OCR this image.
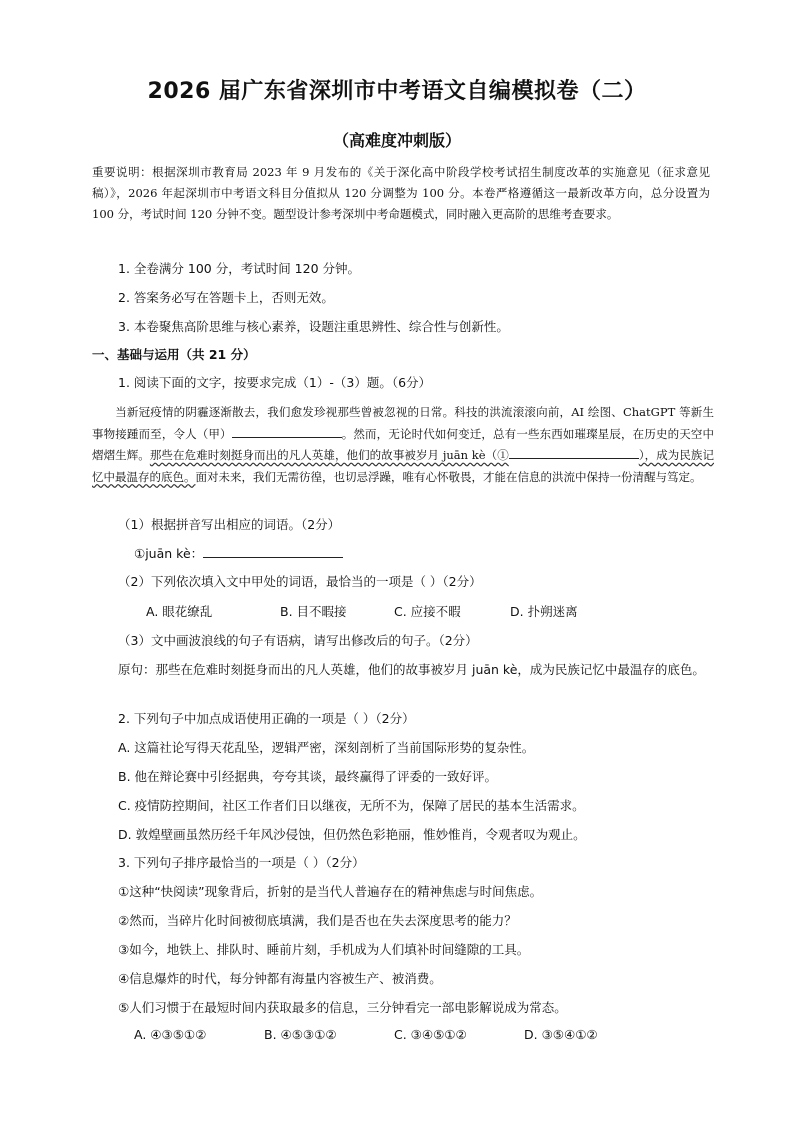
2026 届广东省深圳市中考语文自编模拟卷（二）
（高难度冲刺版）
重要说明：根据深圳市教育局 2023 年 9 月发布的《关于深化高中阶段学校考试招生制度改革的实施意见（征求意见稿）》，2026 年起深圳市中考语文科目分值拟从 120 分调整为 100 分。本卷严格遵循这一最新改革方向，总分设置为 100 分，考试时间 120 分钟不变。题型设计参考深圳中考命题模式，同时融入更高阶的思维考查要求。
1. 全卷满分 100 分，考试时间 120 分钟。
2. 答案务必写在答题卡上，否则无效。
3. 本卷聚焦高阶思维与核心素养，设题注重思辨性、综合性与创新性。
一、基础与运用（共 21 分）
1. 阅读下面的文字，按要求完成（1）-（3）题。（6分）
  当新冠疫情的阴霾逐渐散去，我们愈发珍视那些曾被忽视的日常。科技的洪流滚滚向前，AI 绘图、ChatGPT 等新生事物接踵而至，令人（甲）	。然而，无论时代如何变迁，总有一些东西如璀璨星辰，在历史的天空中熠熠生辉。那些在危难时刻挺身而出的凡人英雄，他们的故事被岁月 juān kè（①	），成为民族记忆中最温存的底色。面对未来，我们无需彷徨，也切忌浮躁，唯有心怀敬畏，才能在信息的洪流中保持一份清醒与笃定。
（1）根据拼音写出相应的词语。（2分）
①juān kè：
（2）下列依次填入文中甲处的词语，最恰当的一项是（ ）（2分）
A. 眼花缭乱	B. 目不暇接	C. 应接不暇	D. 扑朔迷离
（3）文中画波浪线的句子有语病，请写出修改后的句子。（2分）
原句：那些在危难时刻挺身而出的凡人英雄，他们的故事被岁月 juān kè，成为民族记忆中最温存的底色。
2. 下列句子中加点成语使用正确的一项是（ ）（2分）
A. 这篇社论写得天花乱坠，逻辑严密，深刻剖析了当前国际形势的复杂性。
B. 他在辩论赛中引经据典，夸夸其谈，最终赢得了评委的一致好评。
C. 疫情防控期间，社区工作者们日以继夜，无所不为，保障了居民的基本生活需求。
D. 敦煌壁画虽然历经千年风沙侵蚀，但仍然色彩艳丽，惟妙惟肖，令观者叹为观止。
3. 下列句子排序最恰当的一项是（ ）（2分）
①这种“快阅读”现象背后，折射的是当代人普遍存在的精神焦虑与时间焦虑。
②然而，当碎片化时间被彻底填满，我们是否也在失去深度思考的能力？
③如今，地铁上、排队时、睡前片刻，手机成为人们填补时间缝隙的工具。
④信息爆炸的时代，每分钟都有海量内容被生产、被消费。
⑤人们习惯于在最短时间内获取最多的信息，三分钟看完一部电影解说成为常态。
A. ④③⑤①②	B. ④⑤③①②	C. ③④⑤①②	D. ③⑤④①②
